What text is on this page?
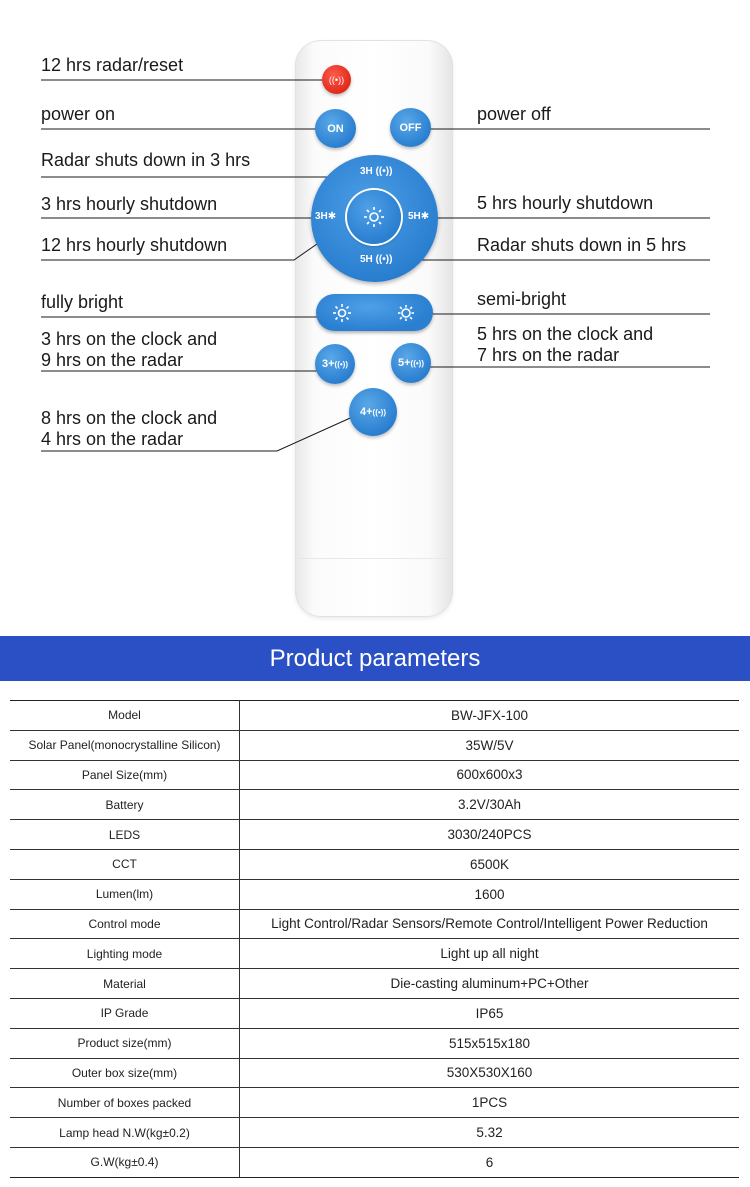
((•))
ON	OFF
3H ((•))
3H✱	5H✱
5H ((•))
3+ ((•))	5+ ((•))
4+ ((•))
12 hrs radar/reset
power on	power off
Radar shuts down in 3 hrs
3 hrs hourly shutdown	5 hrs hourly shutdown
12 hrs hourly shutdown	Radar shuts down in 5 hrs
fully bright	semi-bright
3 hrs on the clock and
9 hrs on the radar
5 hrs on the clock and
7 hrs on the radar
8 hrs on the clock and
4 hrs on the radar
Product parameters
Model	BW-JFX-100
Solar Panel(monocrystalline Silicon)	35W/5V
Panel Size(mm)	600x600x3
Battery	3.2V/30Ah
LEDS	3030/240PCS
CCT	6500K
Lumen(lm)	1600
Control mode	Light Control/Radar Sensors/Remote Control/Intelligent Power Reduction
Lighting mode	Light up all night
Material	Die-casting aluminum+PC+Other
IP Grade	IP65
Product size(mm)	515x515x180
Outer box size(mm)	530X530X160
Number of boxes packed	1PCS
Lamp head N.W(kg±0.2)	5.32
G.W(kg±0.4)	6
